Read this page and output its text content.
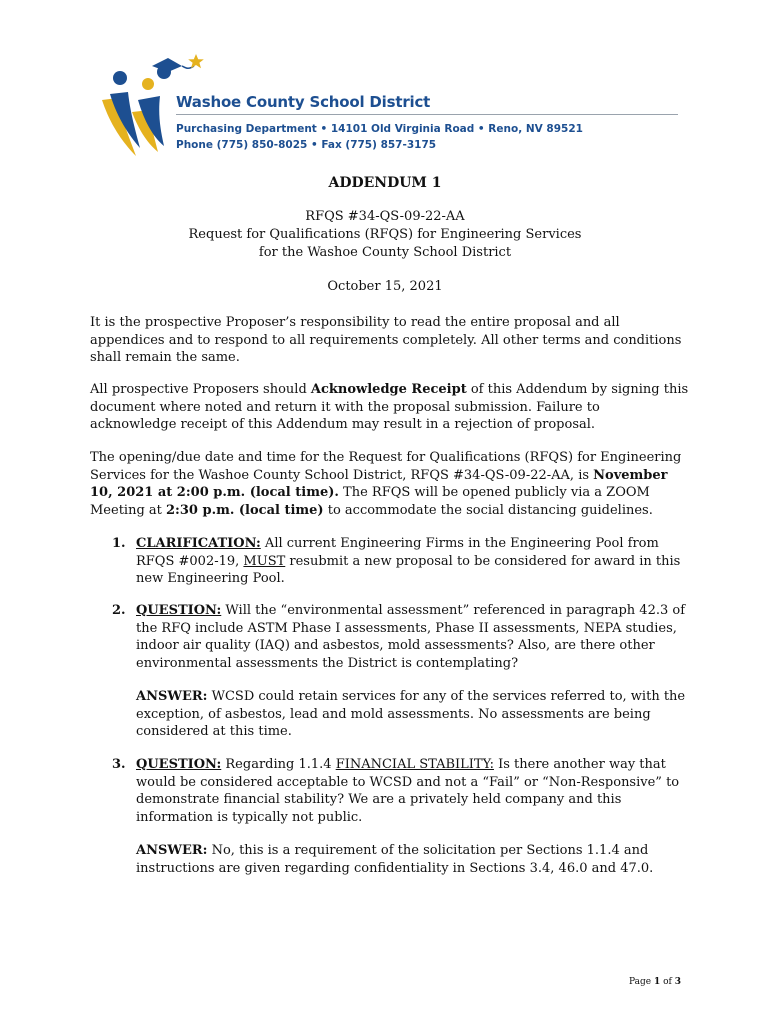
Washoe County School District
Purchasing Department • 14101 Old Virginia Road • Reno, NV 89521
Phone (775) 850-8025 • Fax (775) 857-3175
ADDENDUM 1
RFQS #34-QS-09-22-AA
Request for Qualifications (RFQS) for Engineering Services
for the Washoe County School District
October 15, 2021
It is the prospective Proposer’s responsibility to read the entire proposal and all appendices and to respond to all requirements completely. All other terms and conditions shall remain the same.
All prospective Proposers should Acknowledge Receipt of this Addendum by signing this document where noted and return it with the proposal submission. Failure to acknowledge receipt of this Addendum may result in a rejection of proposal.
The opening/due date and time for the Request for Qualifications (RFQS) for Engineering Services for the Washoe County School District, RFQS #34-QS-09-22-AA, is November 10, 2021 at 2:00 p.m. (local time). The RFQS will be opened publicly via a ZOOM Meeting at 2:30 p.m. (local time) to accommodate the social distancing guidelines.
1. CLARIFICATION: All current Engineering Firms in the Engineering Pool from RFQS #002-19, MUST resubmit a new proposal to be considered for award in this new Engineering Pool.
2. QUESTION: Will the “environmental assessment” referenced in paragraph 42.3 of the RFQ include ASTM Phase I assessments, Phase II assessments, NEPA studies, indoor air quality (IAQ) and asbestos, mold assessments? Also, are there other environmental assessments the District is contemplating?
ANSWER: WCSD could retain services for any of the services referred to, with the exception, of asbestos, lead and mold assessments. No assessments are being considered at this time.
3. QUESTION: Regarding 1.1.4 FINANCIAL STABILITY: Is there another way that would be considered acceptable to WCSD and not a “Fail” or “Non-Responsive” to demonstrate financial stability? We are a privately held company and this information is typically not public.
ANSWER: No, this is a requirement of the solicitation per Sections 1.1.4 and instructions are given regarding confidentiality in Sections 3.4, 46.0 and 47.0.
Page 1 of 3
